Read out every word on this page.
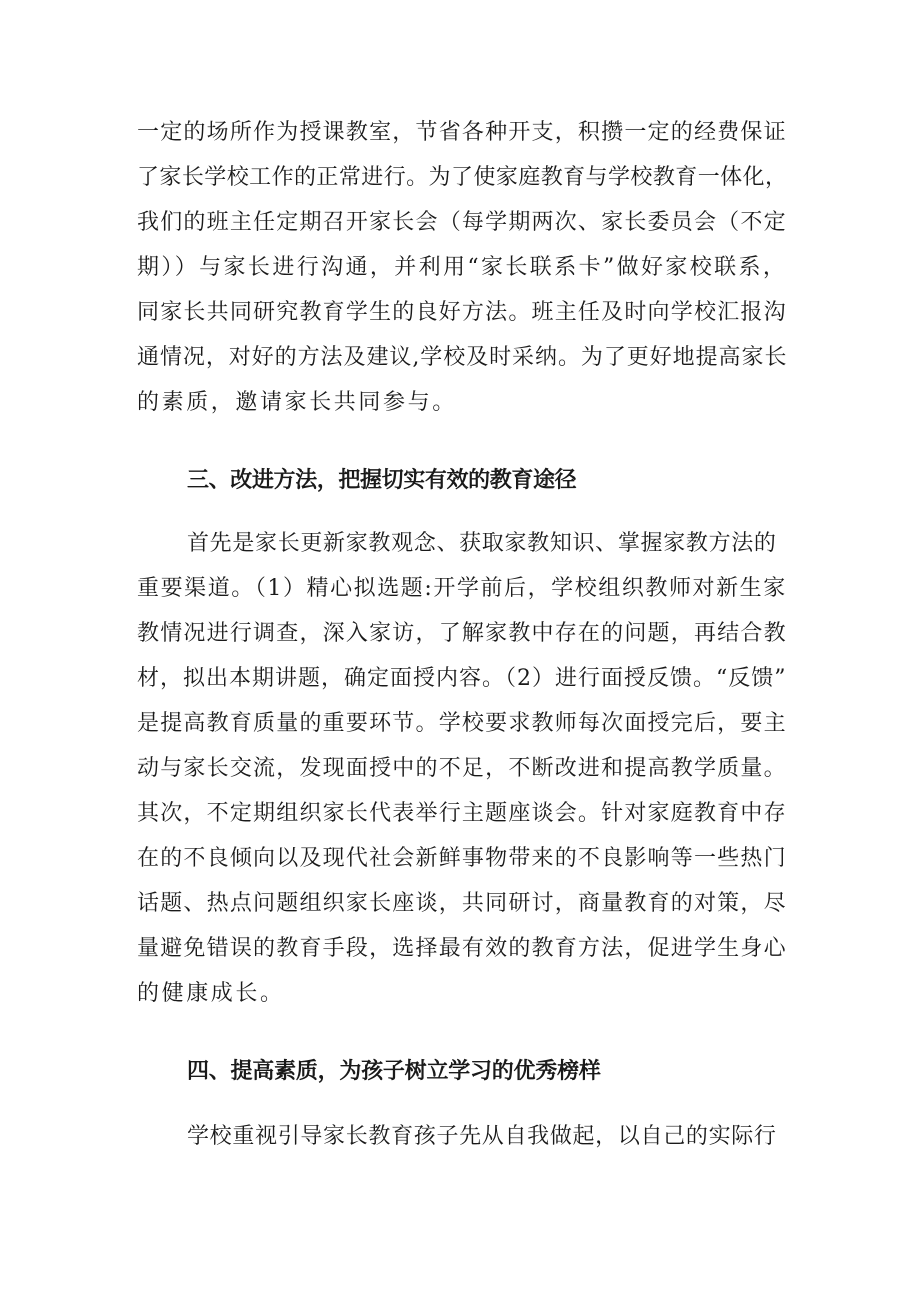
一定的场所作为授课教室，节省各种开支，积攒一定的经费保证
了家长学校工作的正常进行。为了使家庭教育与学校教育一体化，
我们的班主任定期召开家长会（每学期两次、家长委员会（不定
期））与家长进行沟通，并利用“家长联系卡”做好家校联系，
同家长共同研究教育学生的良好方法。班主任及时向学校汇报沟
通情况，对好的方法及建议,学校及时采纳。为了更好地提高家长
的素质，邀请家长共同参与。
三、改进方法，把握切实有效的教育途径
首先是家长更新家教观念、获取家教知识、掌握家教方法的
重要渠道。（1）精心拟选题:开学前后，学校组织教师对新生家
教情况进行调查，深入家访，了解家教中存在的问题，再结合教
材，拟出本期讲题，确定面授内容。（2）进行面授反馈。“反馈”
是提高教育质量的重要环节。学校要求教师每次面授完后，要主
动与家长交流，发现面授中的不足，不断改进和提高教学质量。
其次，不定期组织家长代表举行主题座谈会。针对家庭教育中存
在的不良倾向以及现代社会新鲜事物带来的不良影响等一些热门
话题、热点问题组织家长座谈，共同研讨，商量教育的对策，尽
量避免错误的教育手段，选择最有效的教育方法，促进学生身心
的健康成长。
四、提高素质，为孩子树立学习的优秀榜样
学校重视引导家长教育孩子先从自我做起，以自己的实际行
